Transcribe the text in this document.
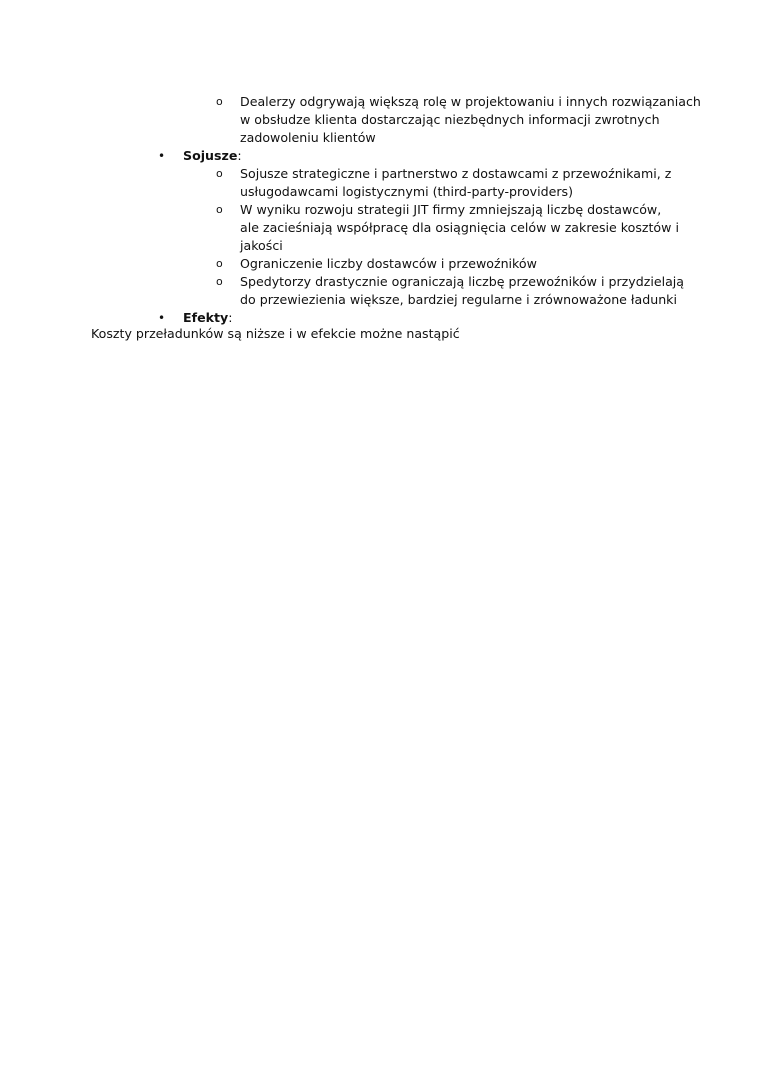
o Dealerzy odgrywają większą rolę w projektowaniu i innych rozwiązaniach
w obsłudze klienta dostarczając niezbędnych informacji zwrotnych
zadowoleniu klientów
• Sojusze:
o Sojusze strategiczne i partnerstwo z dostawcami z przewoźnikami, z
usługodawcami logistycznymi (third-party-providers)
o W wyniku rozwoju strategii JIT firmy zmniejszają liczbę dostawców,
ale zacieśniają współpracę dla osiągnięcia celów w zakresie kosztów i
jakości
o Ograniczenie liczby dostawców i przewoźników
o Spedytorzy drastycznie ograniczają liczbę przewoźników i przydzielają
do przewiezienia większe, bardziej regularne i zrównoważone ładunki
• Efekty:
Koszty przeładunków są niższe i w efekcie możne nastąpić
